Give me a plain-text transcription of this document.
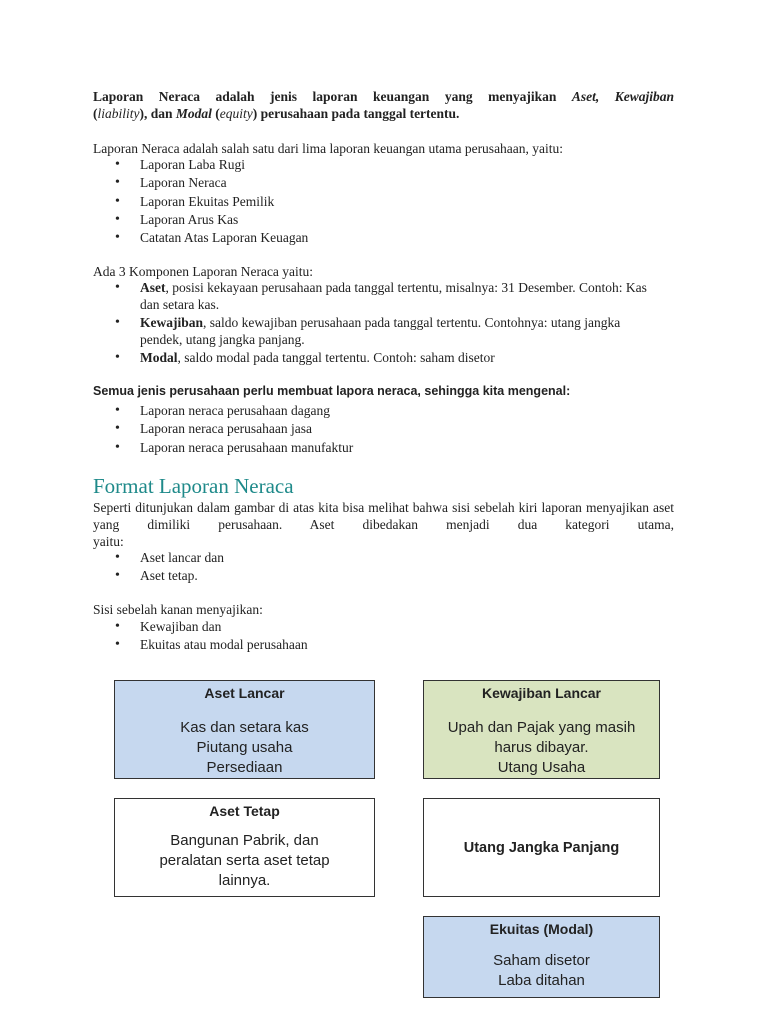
Laporan Neraca adalah jenis laporan keuangan yang menyajikan Aset, Kewajiban

(liability), dan Modal (equity) perusahaan pada tanggal tertentu.
Laporan Neraca adalah salah satu dari lima laporan keuangan utama perusahaan, yaitu:
• Laporan Laba Rugi
• Laporan Neraca
• Laporan Ekuitas Pemilik
• Laporan Arus Kas
• Catatan Atas Laporan Keuagan
Ada 3 Komponen Laporan Neraca yaitu:
• Aset, posisi kekayaan perusahaan pada tanggal tertentu, misalnya: 31 Desember. Contoh: Kas dan setara kas.
• Kewajiban, saldo kewajiban perusahaan pada tanggal tertentu. Contohnya: utang jangka pendek, utang jangka panjang.
• Modal, saldo modal pada tanggal tertentu. Contoh: saham disetor
Semua jenis perusahaan perlu membuat lapora neraca, sehingga kita mengenal:
• Laporan neraca perusahaan dagang
• Laporan neraca perusahaan jasa
• Laporan neraca perusahaan manufaktur
Format Laporan Neraca
Seperti ditunjukan dalam gambar di atas kita bisa melihat bahwa sisi sebelah kiri laporan menyajikan aset yang dimiliki perusahaan. Aset dibedakan menjadi dua kategori utama,
yaitu:
• Aset lancar dan
• Aset tetap.
Sisi sebelah kanan menyajikan:
• Kewajiban dan
• Ekuitas atau modal perusahaan
Aset Lancar
Kas dan setara kas
Piutang usaha
Persediaan
Kewajiban Lancar
Upah dan Pajak yang masih
harus dibayar.
Utang Usaha
Aset Tetap
Bangunan Pabrik, dan
peralatan serta aset tetap
lainnya.
Utang Jangka Panjang
Ekuitas (Modal)
Saham disetor
Laba ditahan
